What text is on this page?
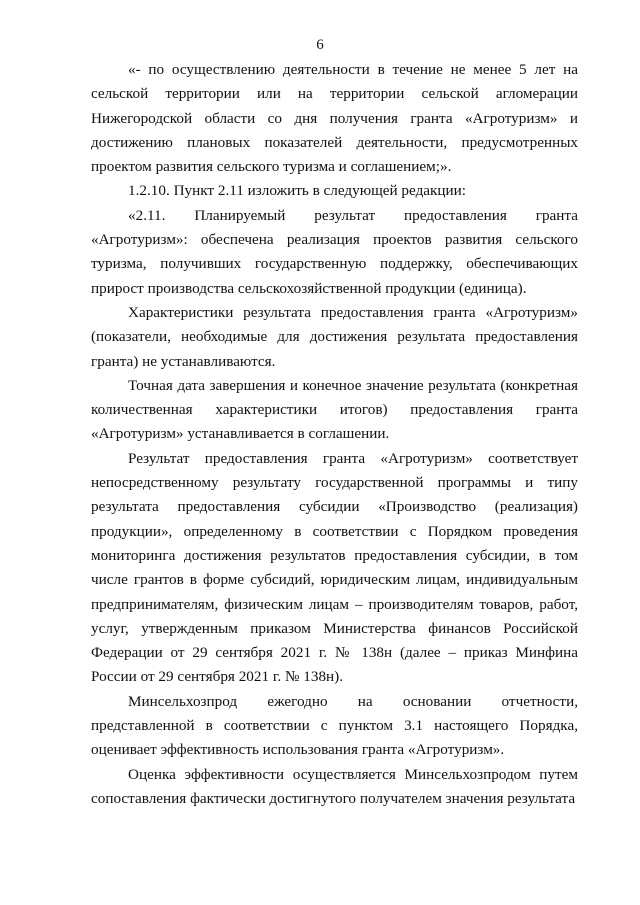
6

«- по осуществлению деятельности в течение не менее 5 лет на сельской территории или на территории сельской агломерации Нижегородской области со дня получения гранта «Агротуризм» и достижению плановых показателей деятельности, предусмотренных проектом развития сельского туризма и соглашением;».

1.2.10. Пункт 2.11 изложить в следующей редакции:

«2.11. Планируемый результат предоставления гранта «Агротуризм»: обеспечена реализация проектов развития сельского туризма, получивших государственную поддержку, обеспечивающих прирост производства сельскохозяйственной продукции (единица).

Характеристики результата предоставления гранта «Агротуризм» (показатели, необходимые для достижения результата предоставления гранта) не устанавливаются.

Точная дата завершения и конечное значение результата (конкретная количественная характеристики итогов) предоставления гранта «Агротуризм» устанавливается в соглашении.

Результат предоставления гранта «Агротуризм» соответствует непосредственному результату государственной программы и типу результата предоставления субсидии «Производство (реализация) продукции», определенному в соответствии с Порядком проведения мониторинга достижения результатов предоставления субсидии, в том числе грантов в форме субсидий, юридическим лицам, индивидуальным предпринимателям, физическим лицам – производителям товаров, работ, услуг, утвержденным приказом Министерства финансов Российской Федерации от 29 сентября 2021 г. № 138н (далее – приказ Минфина России от 29 сентября 2021 г. № 138н).

Минсельхозпрод ежегодно на основании отчетности, представленной в соответствии с пунктом 3.1 настоящего Порядка, оценивает эффективность использования гранта «Агротуризм».

Оценка эффективности осуществляется Минсельхозпродом путем сопоставления фактически достигнутого получателем значения результата
